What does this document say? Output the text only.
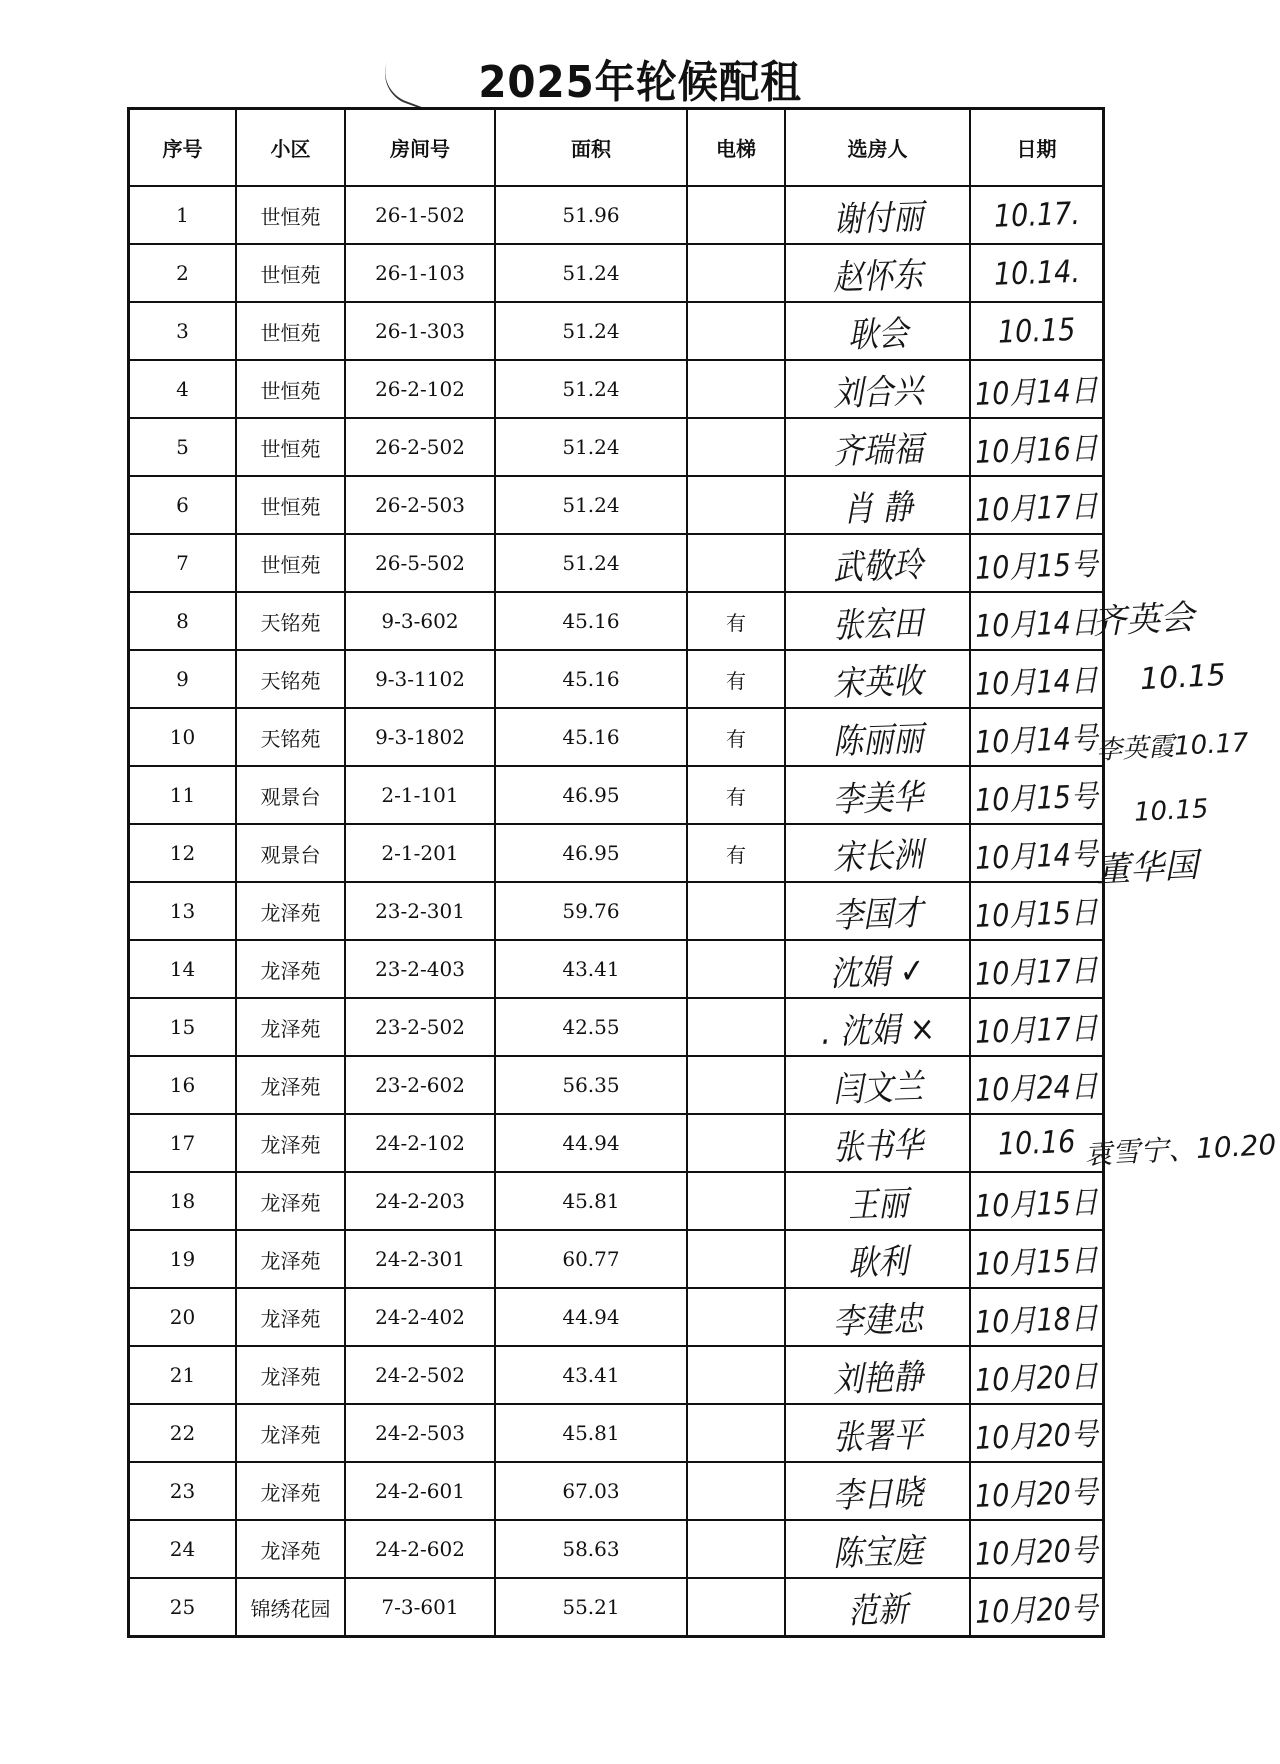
2025年轮候配租
序号	小区	房间号	面积	电梯	选房人	日期
1	世恒苑	26-1-502	51.96		谢付丽	10.17.
2	世恒苑	26-1-103	51.24		赵怀东	10.14.
3	世恒苑	26-1-303	51.24		耿会	10.15
4	世恒苑	26-2-102	51.24		刘合兴	10月14日
5	世恒苑	26-2-502	51.24		齐瑞福	10月16日
6	世恒苑	26-2-503	51.24		肖 静	10月17日
7	世恒苑	26-5-502	51.24		武敬玲	10月15号
8	天铭苑	9-3-602	45.16	有	张宏田	10月14日
9	天铭苑	9-3-1102	45.16	有	宋英收	10月14日
10	天铭苑	9-3-1802	45.16	有	陈丽丽	10月14号
11	观景台	2-1-101	46.95	有	李美华	10月15号
12	观景台	2-1-201	46.95	有	宋长洲	10月14号
13	龙泽苑	23-2-301	59.76		李国才	10月15日
14	龙泽苑	23-2-403	43.41		沈娟 ✓	10月17日
15	龙泽苑	23-2-502	42.55		. 沈娟 ×	10月17日
16	龙泽苑	23-2-602	56.35		闫文兰	10月24日
17	龙泽苑	24-2-102	44.94		张书华	10.16
18	龙泽苑	24-2-203	45.81		王丽	10月15日
19	龙泽苑	24-2-301	60.77		耿利	10月15日
20	龙泽苑	24-2-402	44.94		李建忠	10月18日
21	龙泽苑	24-2-502	43.41		刘艳静	10月20日
22	龙泽苑	24-2-503	45.81		张署平	10月20号
23	龙泽苑	24-2-601	67.03		李日晓	10月20号
24	龙泽苑	24-2-602	58.63		陈宝庭	10月20号
25	锦绣花园	7-3-601	55.21		范新	10月20号
齐英会
10.15
李英霞10.17
10.15
董华国
袁雪宁、10.20
